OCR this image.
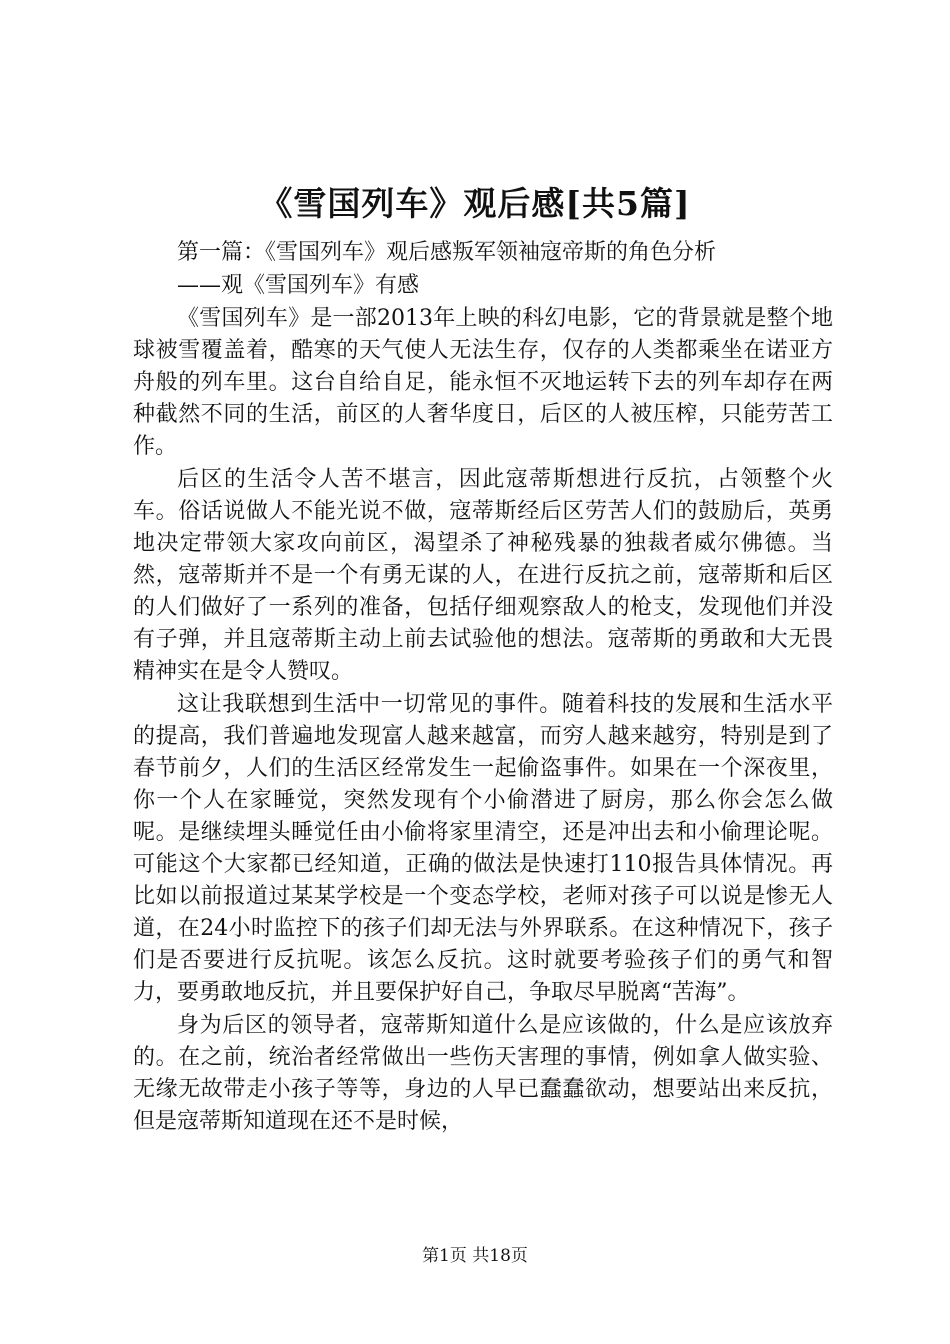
《雪国列车》观后感[共5篇]

第一篇：《雪国列车》观后感叛军领袖寇帝斯的角色分析

——观《雪国列车》有感

《雪国列车》是一部2013年上映的科幻电影，它的背景就是整个地球被雪覆盖着，酷寒的天气使人无法生存，仅存的人类都乘坐在诺亚方舟般的列车里。这台自给自足，能永恒不灭地运转下去的列车却存在两种截然不同的生活，前区的人奢华度日，后区的人被压榨，只能劳苦工作。

后区的生活令人苦不堪言，因此寇蒂斯想进行反抗，占领整个火车。俗话说做人不能光说不做，寇蒂斯经后区劳苦人们的鼓励后，英勇地决定带领大家攻向前区，渴望杀了神秘残暴的独裁者威尔佛德。当然，寇蒂斯并不是一个有勇无谋的人，在进行反抗之前，寇蒂斯和后区的人们做好了一系列的准备，包括仔细观察敌人的枪支，发现他们并没有子弹，并且寇蒂斯主动上前去试验他的想法。寇蒂斯的勇敢和大无畏精神实在是令人赞叹。

这让我联想到生活中一切常见的事件。随着科技的发展和生活水平的提高，我们普遍地发现富人越来越富，而穷人越来越穷，特别是到了春节前夕，人们的生活区经常发生一起偷盗事件。如果在一个深夜里，你一个人在家睡觉，突然发现有个小偷潜进了厨房，那么你会怎么做呢。是继续埋头睡觉任由小偷将家里清空，还是冲出去和小偷理论呢。可能这个大家都已经知道，正确的做法是快速打110报告具体情况。再比如以前报道过某某学校是一个变态学校，老师对孩子可以说是惨无人道，在24小时监控下的孩子们却无法与外界联系。在这种情况下，孩子们是否要进行反抗呢。该怎么反抗。这时就要考验孩子们的勇气和智力，要勇敢地反抗，并且要保护好自己，争取尽早脱离“苦海”。

身为后区的领导者，寇蒂斯知道什么是应该做的，什么是应该放弃的。在之前，统治者经常做出一些伤天害理的事情，例如拿人做实验、无缘无故带走小孩子等等，身边的人早已蠢蠢欲动，想要站出来反抗，但是寇蒂斯知道现在还不是时候，

第1页 共18页
